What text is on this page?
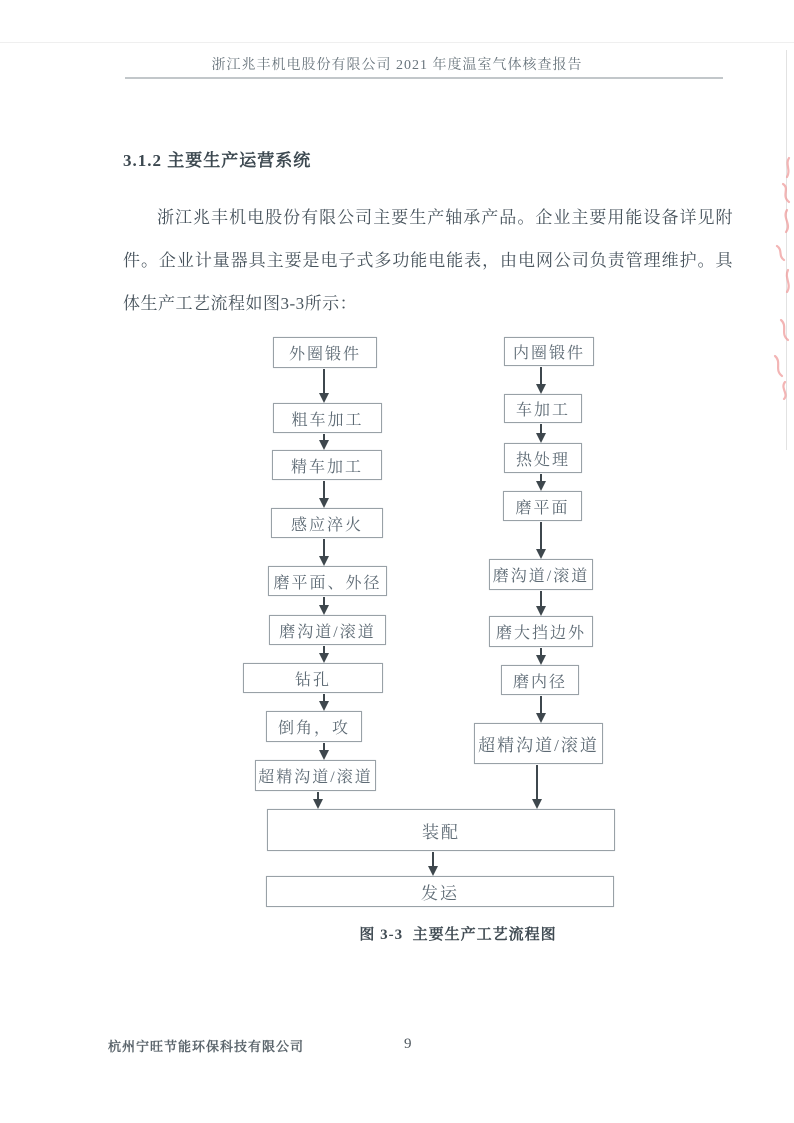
浙江兆丰机电股份有限公司 2021 年度温室气体核查报告
3.1.2 主要生产运营系统
浙江兆丰机电股份有限公司主要生产轴承产品。企业主要用能设备详见附件。企业计量器具主要是电子式多功能电能表，由电网公司负责管理维护。具体生产工艺流程如图3-3所示：
外圈锻件
粗车加工
精车加工
感应淬火
磨平面、外径
磨沟道/滚道
钻孔
倒角，攻
超精沟道/滚道
内圈锻件
车加工
热处理
磨平面
磨沟道/滚道
磨大挡边外
磨内径
超精沟道/滚道
装配
发运
图 3-3  主要生产工艺流程图
杭州宁旺节能环保科技有限公司	9
